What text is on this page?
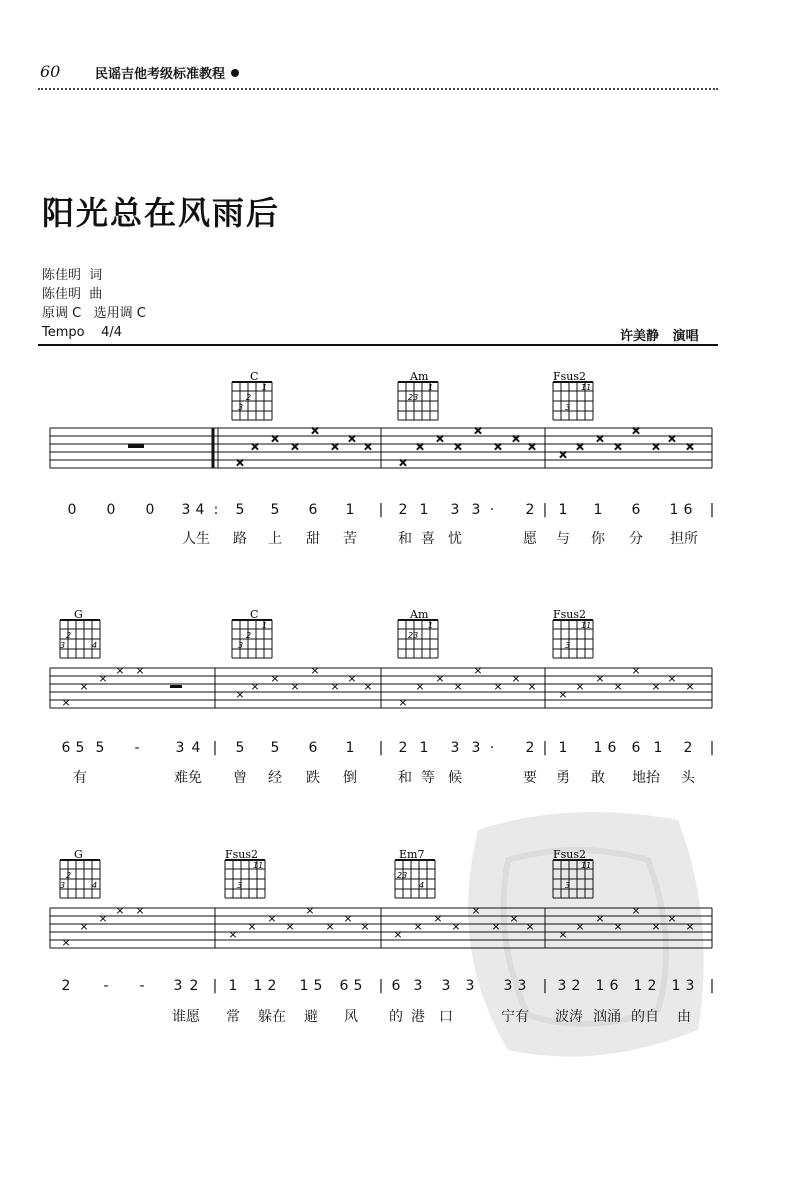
60	民谣吉他考级标准教程
阳光总在风雨后
陈佳明  词
陈佳明  曲
原调 C   选用调 C
Tempo    4/4	许美静   演唱
C
1
2
3
Am
1
23
Fsus2
11
3
×
×
×
×
×
×
×
×
×
×
×
×
×
×
×
×
×
×
×
×
×
×
×
×
0 0 0 3 4 : 5 5 6 1 | 2 1 3 3 · 2 | 1 1 6 1 6 |
人生 路 上 甜 苦	和 喜 忧	愿 与 你 分 担所
G
2
3	4
C
1
2
3
Am
1
23
Fsus2
11
3
×
×
×
× ×
×
×
×
×
×
×
×
×
×
×
×
×
×
×
×
×
×
×
×
×
×
×
×
×
6 5 5 -	3 4 | 5 5 6 1 | 2 1 3 3 · 2 | 1 1 6 6 1 2 |
有	难免 曾 经 跌 倒	和 等 候	要 勇 敢 地抬 头
G
2
3	4
Fsus2
11
3
Em7
23
4
Fsus2
11
3
×
×
×
× ×
×
×
×
×
×
×
×
×
×
×
×
×
×
×
×
×
×
×
×
×
×
×
×
×
2 - - 3 2 | 1 1 2 1 5 6 5 | 6 3 3 3 3 3 | 3 2 1 6 1 2 1 3 |
谁愿 常 躲在 避 风 的 港 口	宁有 波涛 汹涌 的自 由
